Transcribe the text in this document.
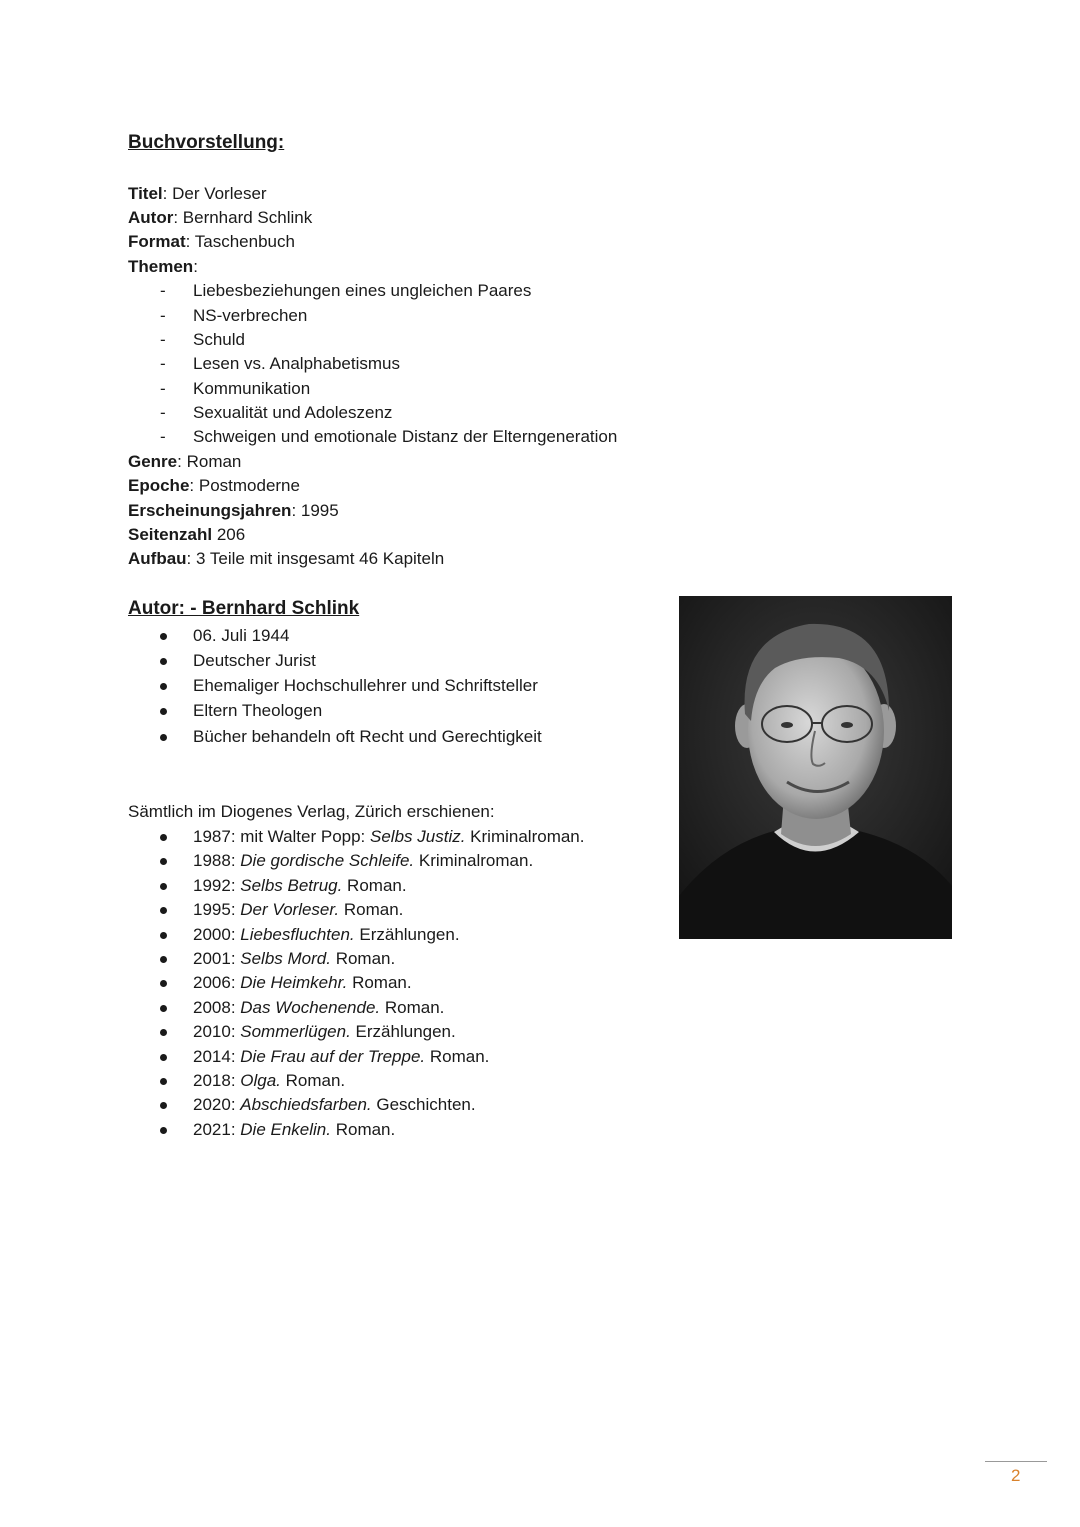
Buchvorstellung:
Titel: Der Vorleser
Autor: Bernhard Schlink
Format: Taschenbuch
Themen:
- Liebesbeziehungen eines ungleichen Paares
- NS-verbrechen
- Schuld
- Lesen vs. Analphabetismus
- Kommunikation
- Sexualität und Adoleszenz
- Schweigen und emotionale Distanz der Elterngeneration
Genre: Roman
Epoche: Postmoderne
Erscheinungsjahren: 1995
Seitenzahl 206
Aufbau: 3 Teile mit insgesamt 46 Kapiteln
Autor: - Bernhard Schlink
06. Juli 1944
Deutscher Jurist
Ehemaliger Hochschullehrer und Schriftsteller
Eltern Theologen
Bücher behandeln oft Recht und Gerechtigkeit
Sämtlich im Diogenes Verlag, Zürich erschienen:
1987: mit Walter Popp: Selbs Justiz. Kriminalroman.
1988: Die gordische Schleife. Kriminalroman.
1992: Selbs Betrug. Roman.
1995: Der Vorleser. Roman.
2000: Liebesfluchten. Erzählungen.
2001: Selbs Mord. Roman.
2006: Die Heimkehr. Roman.
2008: Das Wochenende. Roman.
2010: Sommerlügen. Erzählungen.
2014: Die Frau auf der Treppe. Roman.
2018: Olga. Roman.
2020: Abschiedsfarben. Geschichten.
2021: Die Enkelin. Roman.
2
